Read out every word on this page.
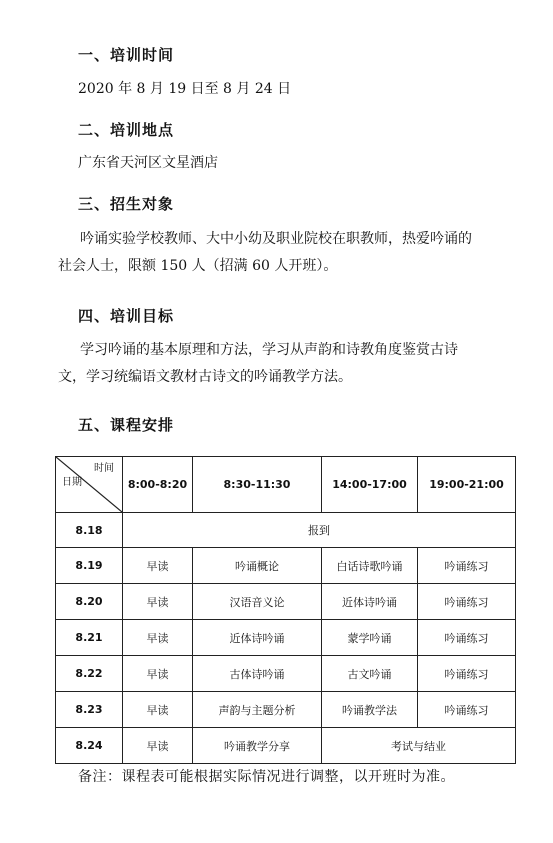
一、培训时间
2020 年 8 月 19 日至 8 月 24 日
二、培训地点
广东省天河区文星酒店
三、招生对象
吟诵实验学校教师、大中小幼及职业院校在职教师，热爱吟诵的
社会人士，限额 150 人（招满 60 人开班）。
四、培训目标
学习吟诵的基本原理和方法，学习从声韵和诗教角度鉴赏古诗
文，学习统编语文教材古诗文的吟诵教学方法。
五、课程安排
时间
日期	8:00-8:20	8:30-11:30	14:00-17:00	19:00-21:00
8.18	报到			
8.19	早读	吟诵概论	白话诗歌吟诵	吟诵练习
8.20	早读	汉语音义论	近体诗吟诵	吟诵练习
8.21	早读	近体诗吟诵	蒙学吟诵	吟诵练习
8.22	早读	古体诗吟诵	古文吟诵	吟诵练习
8.23	早读	声韵与主题分析	吟诵教学法	吟诵练习
8.24	早读	吟诵教学分享	考试与结业	
备注：课程表可能根据实际情况进行调整，以开班时为准。
